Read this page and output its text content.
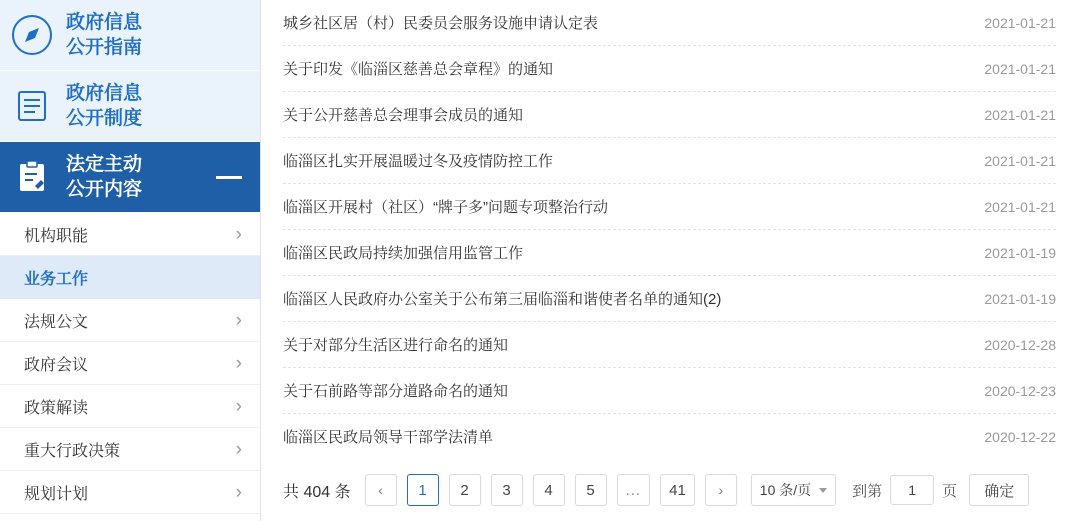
政府信息
公开指南
政府信息
公开制度
法定主动
公开内容
机构职能	›
业务工作
法规公文	›
政府会议	›
政策解读	›
重大行政决策	›
规划计划	›
城乡社区居（村）民委员会服务设施申请认定表	2021-01-21
关于印发《临淄区慈善总会章程》的通知	2021-01-21
关于公开慈善总会理事会成员的通知	2021-01-21
临淄区扎实开展温暖过冬及疫情防控工作	2021-01-21
临淄区开展村（社区）“牌子多”问题专项整治行动	2021-01-21
临淄区民政局持续加强信用监管工作	2021-01-19
临淄区人民政府办公室关于公布第三届临淄和谐使者名单的通知(2)	2021-01-19
关于对部分生活区进行命名的通知	2020-12-28
关于石前路等部分道路命名的通知	2020-12-23
临淄区民政局领导干部学法清单	2020-12-22
共 404 条	‹	1	2	3	4	5	...	41	›	10 条/页	到第	1	页	确定
